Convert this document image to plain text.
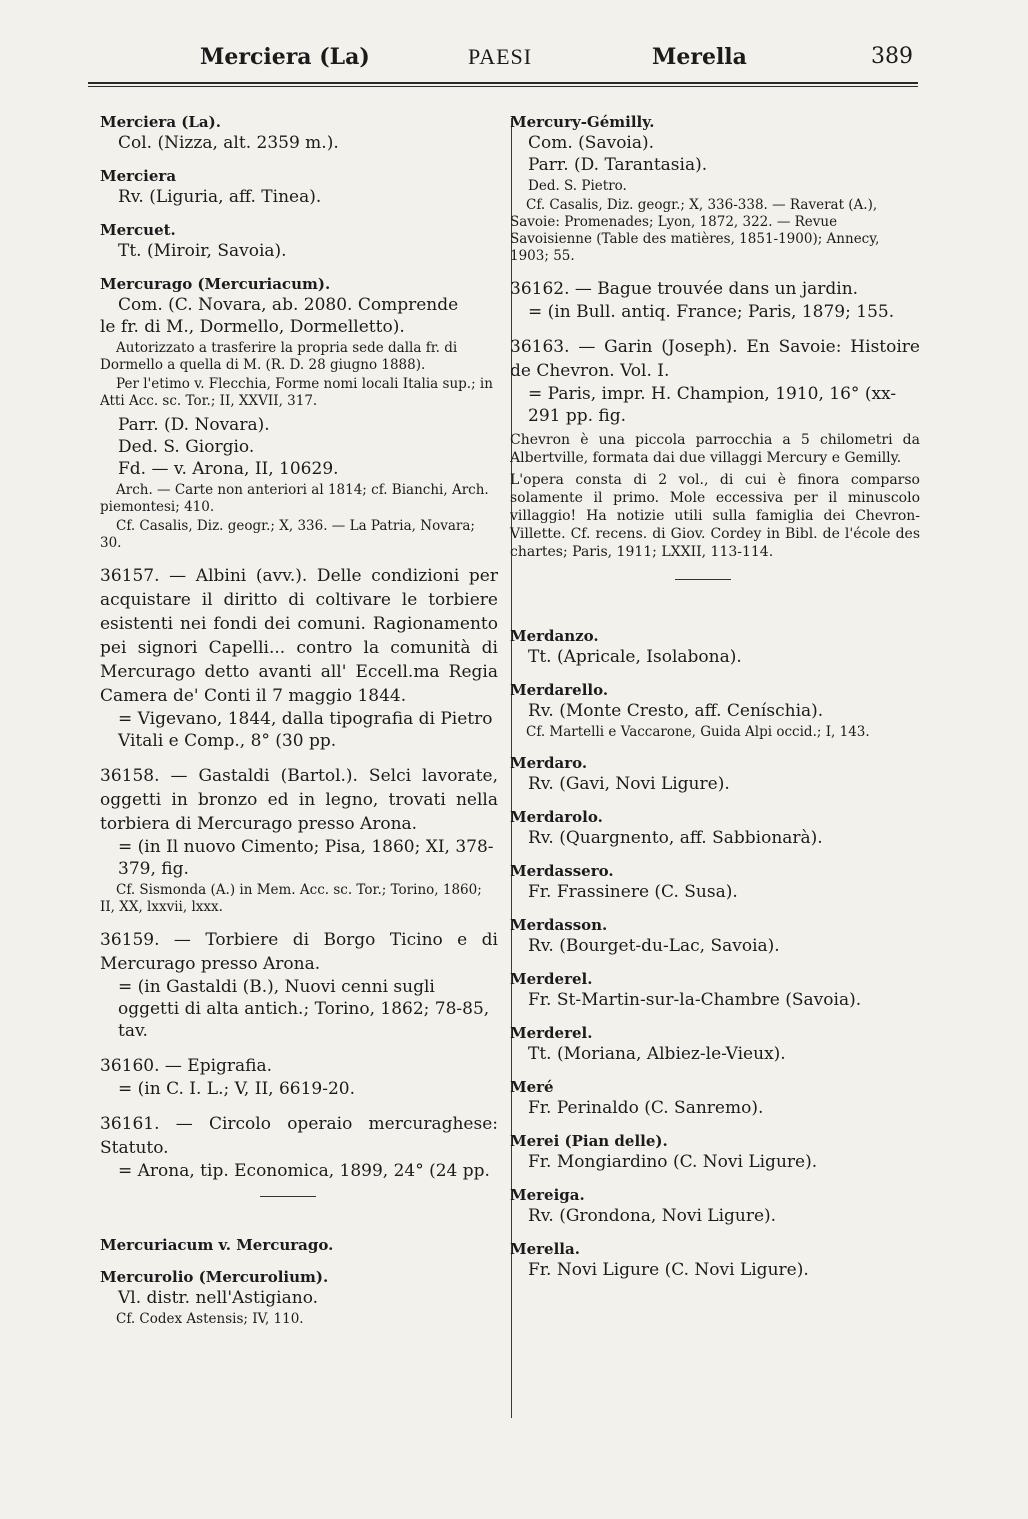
Merciera (La)	PAESI	Merella	389
Merciera (La).
Col. (Nizza, alt. 2359 m.).
Merciera
Rv. (Liguria, aff. Tinea).
Mercuet.
Tt. (Miroir, Savoia).
Mercurago (Mercuriacum).
Com. (C. Novara, ab. 2080. Comprende
le fr. di M., Dormello, Dormelletto).
Autorizzato a trasferire la propria sede dalla fr. di Dormello a quella di M. (R. D. 28 giugno 1888).
Per l'etimo v. Flecchia, Forme nomi locali Italia sup.; in Atti Acc. sc. Tor.; II, XXVII, 317.
Parr. (D. Novara).
Ded. S. Giorgio.
Fd. — v. Arona, II, 10629.
Arch. — Carte non anteriori al 1814; cf. Bianchi, Arch. piemontesi; 410.
Cf. Casalis, Diz. geogr.; X, 336. — La Patria, Novara; 30.
36157. — Albini (avv.). Delle condizioni per acquistare il diritto di coltivare le torbiere esistenti nei fondi dei comuni. Ragionamento pei signori Capelli... contro la comunità di Mercurago detto avanti all' Eccell.ma Regia Camera de' Conti il 7 maggio 1844.
= Vigevano, 1844, dalla tipografia di Pietro Vitali e Comp., 8° (30 pp.
36158. — Gastaldi (Bartol.). Selci lavorate, oggetti in bronzo ed in legno, trovati nella torbiera di Mercurago presso Arona.
= (in Il nuovo Cimento; Pisa, 1860; XI, 378-379, fig.
Cf. Sismonda (A.) in Mem. Acc. sc. Tor.; Torino, 1860; II, XX, lxxvii, lxxx.
36159. — Torbiere di Borgo Ticino e di Mercurago presso Arona.
= (in Gastaldi (B.), Nuovi cenni sugli oggetti di alta antich.; Torino, 1862; 78-85, tav.
36160. — Epigrafia.
= (in C. I. L.; V, II, 6619-20.
36161. — Circolo operaio mercuraghese: Statuto.
= Arona, tip. Economica, 1899, 24° (24 pp.
Mercuriacum v. Mercurago.
Mercurolio (Mercurolium).
Vl. distr. nell'Astigiano.
Cf. Codex Astensis; IV, 110.
Mercury-Gémilly.
Com. (Savoia).
Parr. (D. Tarantasia).
Ded. S. Pietro.
Cf. Casalis, Diz. geogr.; X, 336-338. — Raverat (A.), Savoie: Promenades; Lyon, 1872, 322. — Revue Savoisienne (Table des matières, 1851-1900); Annecy, 1903; 55.
36162. — Bague trouvée dans un jardin.
= (in Bull. antiq. France; Paris, 1879; 155.
36163. — Garin (Joseph). En Savoie: Histoire de Chevron. Vol. I.
= Paris, impr. H. Champion, 1910, 16° (xx-291 pp. fig.
Chevron è una piccola parrocchia a 5 chilometri da Albertville, formata dai due villaggi Mercury e Gemilly.
L'opera consta di 2 vol., di cui è finora comparso solamente il primo. Mole eccessiva per il minuscolo villaggio! Ha notizie utili sulla famiglia dei Chevron-Villette. Cf. recens. di Giov. Cordey in Bibl. de l'école des chartes; Paris, 1911; LXXII, 113-114.
Merdanzo.
Tt. (Apricale, Isolabona).
Merdarello.
Rv. (Monte Cresto, aff. Ceníschia).
Cf. Martelli e Vaccarone, Guida Alpi occid.; I, 143.
Merdaro.
Rv. (Gavi, Novi Ligure).
Merdarolo.
Rv. (Quargnento, aff. Sabbionarà).
Merdassero.
Fr. Frassinere (C. Susa).
Merdasson.
Rv. (Bourget-du-Lac, Savoia).
Merderel.
Fr. St-Martin-sur-la-Chambre (Savoia).
Merderel.
Tt. (Moriana, Albiez-le-Vieux).
Meré
Fr. Perinaldo (C. Sanremo).
Merei (Pian delle).
Fr. Mongiardino (C. Novi Ligure).
Mereiga.
Rv. (Grondona, Novi Ligure).
Merella.
Fr. Novi Ligure (C. Novi Ligure).
